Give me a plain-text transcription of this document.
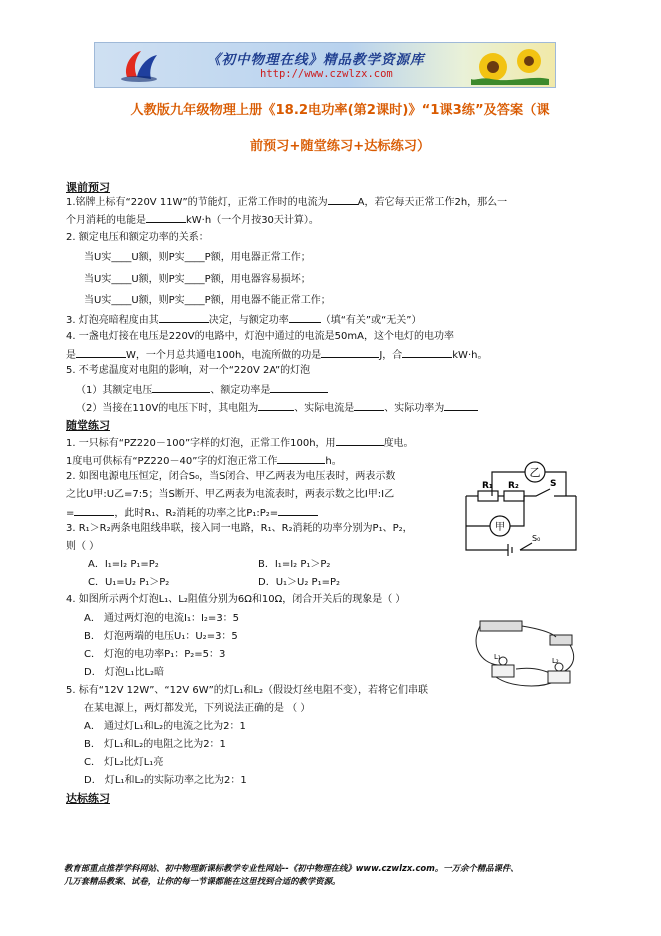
《初中物理在线》精品教学资源库
http://www.czwlzx.com
人教版九年级物理上册《18.2电功率(第2课时)》“1课3练”及答案（课
前预习+随堂练习+达标练习）
课前预习
1.铭牌上标有“220V 11W”的节能灯，正常工作时的电流为	A，若它每天正常工作2h，那么一
个月消耗的电能是	kW·h（一个月按30天计算）。
2. 额定电压和额定功率的关系：
当U实____U额，则P实____P额，用电器正常工作；
当U实____U额，则P实____P额，用电器容易损坏；
当U实____U额，则P实____P额，用电器不能正常工作；
3. 灯泡亮暗程度由其	决定，与额定功率	（填“有关”或“无关”）
4. 一盏电灯接在电压是220V的电路中，灯泡中通过的电流是50mA，这个电灯的电功率
是	W，一个月总共通电100h，电流所做的功是	J，合	kW·h。
5. 不考虑温度对电阻的影响，对一个“220V 2A”的灯泡
（1）其额定电压	、额定功率是
（2）当接在110V的电压下时，其电阻为	、实际电流是	、实际功率为
随堂练习
1. 一只标有“PZ220－100”字样的灯泡，正常工作100h，用	度电。
1度电可供标有“PZ220－40”字的灯泡正常工作	h。
2. 如图电源电压恒定，闭合S₀，当S闭合、甲乙两表为电压表时，两表示数
之比U甲:U乙=7:5；当S断开、甲乙两表为电流表时，两表示数之比I甲:I乙
=	，此时R₁、R₂消耗的功率之比P₁:P₂=
3. R₁＞R₂两条电阻线串联，接入同一电路，R₁、R₂消耗的功率分别为P₁、P₂，
则（ ）
A．I₁=I₂ P₁=P₂	B．I₁=I₂ P₁＞P₂
C．U₁=U₂ P₁＞P₂	D．U₁＞U₂ P₁=P₂
乙
甲
R₁ R₂	S
S₀
4. 如图所示两个灯泡L₁、L₂阻值分别为6Ω和10Ω，闭合开关后的现象是（ ）
A． 通过两灯泡的电流I₁：I₂=3：5
B． 灯泡两端的电压U₁：U₂=3：5
C． 灯泡的电功率P₁：P₂=5：3
D． 灯泡L₁比L₂暗
L₁	L₂
5. 标有“12V 12W”、“12V 6W”的灯L₁和L₂（假设灯丝电阻不变），若将它们串联
在某电源上，两灯都发光，下列说法正确的是 （ ）
A． 通过灯L₁和L₂的电流之比为2：1
B． 灯L₁和L₂的电阻之比为2：1
C． 灯L₂比灯L₁亮
D． 灯L₁和L₂的实际功率之比为2：1
达标练习
教育部重点推荐学科网站、初中物理新课标教学专业性网站--《初中物理在线》www.czwlzx.com。一万余个精品课件、
几万套精品教案、试卷，让你的每一节课都能在这里找到合适的教学资源。
